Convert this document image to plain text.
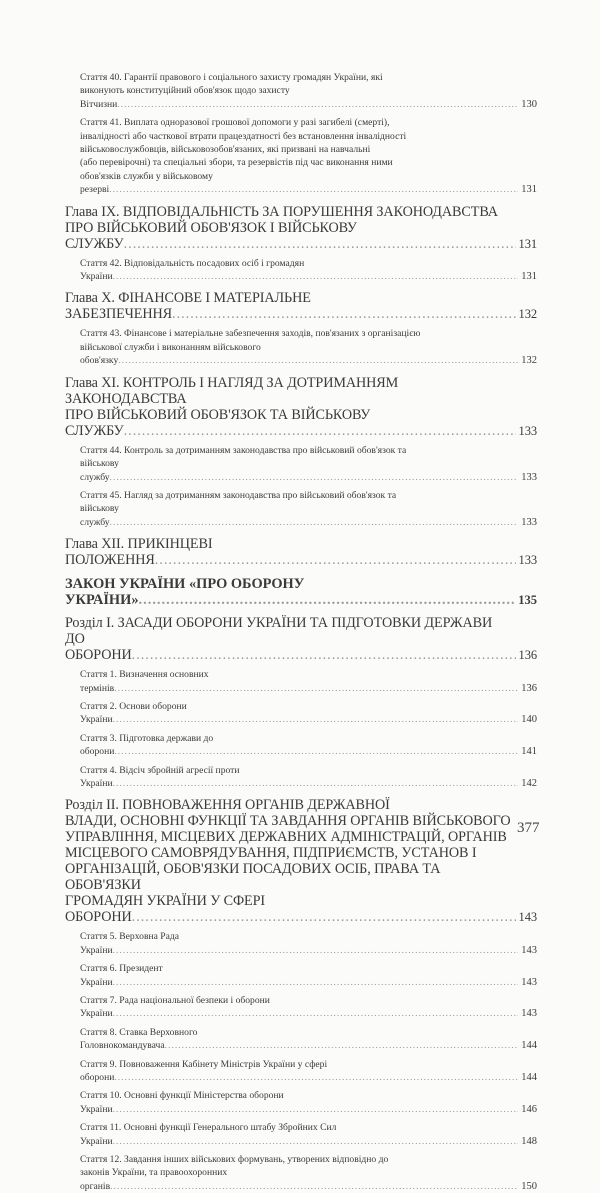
Стаття 40. Гарантії правового і соціального захисту громадян України, які
виконують конституційний обов'язок щодо захисту Вітчизни .....	130
Стаття 41. Виплата одноразової грошової допомоги у разі загибелі (смерті),
інвалідності або часткової втрати працездатності без встановлення інвалідності
військовослужбовців, військовозобов'язаних, які призвані на навчальні
(або перевірочні) та спеціальні збори, та резервістів під час виконання ними
обов'язків служби у військовому резерві .....	131
Глава IX. ВІДПОВІДАЛЬНІСТЬ ЗА ПОРУШЕННЯ ЗАКОНОДАВСТВА
ПРО ВІЙСЬКОВИЙ ОБОВ'ЯЗОК І ВІЙСЬКОВУ СЛУЖБУ .....	131
Стаття 42. Відповідальність посадових осіб і громадян України .....	131
Глава X. ФІНАНСОВЕ І МАТЕРІАЛЬНЕ ЗАБЕЗПЕЧЕННЯ .....	132
Стаття 43. Фінансове і матеріальне забезпечення заходів, пов'язаних з організацією
військової служби і виконанням військового обов'язку .....	132
Глава XI. КОНТРОЛЬ І НАГЛЯД ЗА ДОТРИМАННЯМ ЗАКОНОДАВСТВА
ПРО ВІЙСЬКОВИЙ ОБОВ'ЯЗОК ТА ВІЙСЬКОВУ СЛУЖБУ .....	133
Стаття 44. Контроль за дотриманням законодавства про військовий обов'язок та
військову службу .....	133
Стаття 45. Нагляд за дотриманням законодавства про військовий обов'язок та
військову службу .....	133
Глава XII. ПРИКІНЦЕВІ ПОЛОЖЕННЯ .....	133
ЗАКОН УКРАЇНИ «ПРО ОБОРОНУ УКРАЇНИ» .....	135
Розділ I. ЗАСАДИ ОБОРОНИ УКРАЇНИ ТА ПІДГОТОВКИ ДЕРЖАВИ
ДО ОБОРОНИ .....	136
Стаття 1. Визначення основних термінів .....	136
Стаття 2. Основи оборони України .....	140
Стаття 3. Підготовка держави до оборони .....	141
Стаття 4. Відсіч збройній агресії проти України .....	142
Розділ II. ПОВНОВАЖЕННЯ ОРГАНІВ ДЕРЖАВНОЇ
ВЛАДИ, ОСНОВНІ ФУНКЦІЇ ТА ЗАВДАННЯ ОРГАНІВ ВІЙСЬКОВОГО
УПРАВЛІННЯ, МІСЦЕВИХ ДЕРЖАВНИХ АДМІНІСТРАЦІЙ, ОРГАНІВ
МІСЦЕВОГО САМОВРЯДУВАННЯ, ПІДПРИЄМСТВ, УСТАНОВ І
ОРГАНІЗАЦІЙ, ОБОВ'ЯЗКИ ПОСАДОВИХ ОСІБ, ПРАВА ТА ОБОВ'ЯЗКИ
ГРОМАДЯН УКРАЇНИ У СФЕРІ ОБОРОНИ .....	143
Стаття 5. Верховна Рада України .....	143
Стаття 6. Президент України .....	143
Стаття 7. Рада національної безпеки і оборони України .....	143
Стаття 8. Ставка Верховного Головнокомандувача .....	144
Стаття 9. Повноваження Кабінету Міністрів України у сфері оборони .....	144
Стаття 10. Основні функції Міністерства оборони України .....	146
Стаття 11. Основні функції Генерального штабу Збройних Сил України .....	148
Стаття 12. Завдання інших військових формувань, утворених відповідно до
законів України, та правоохоронних органів .....	150
377
